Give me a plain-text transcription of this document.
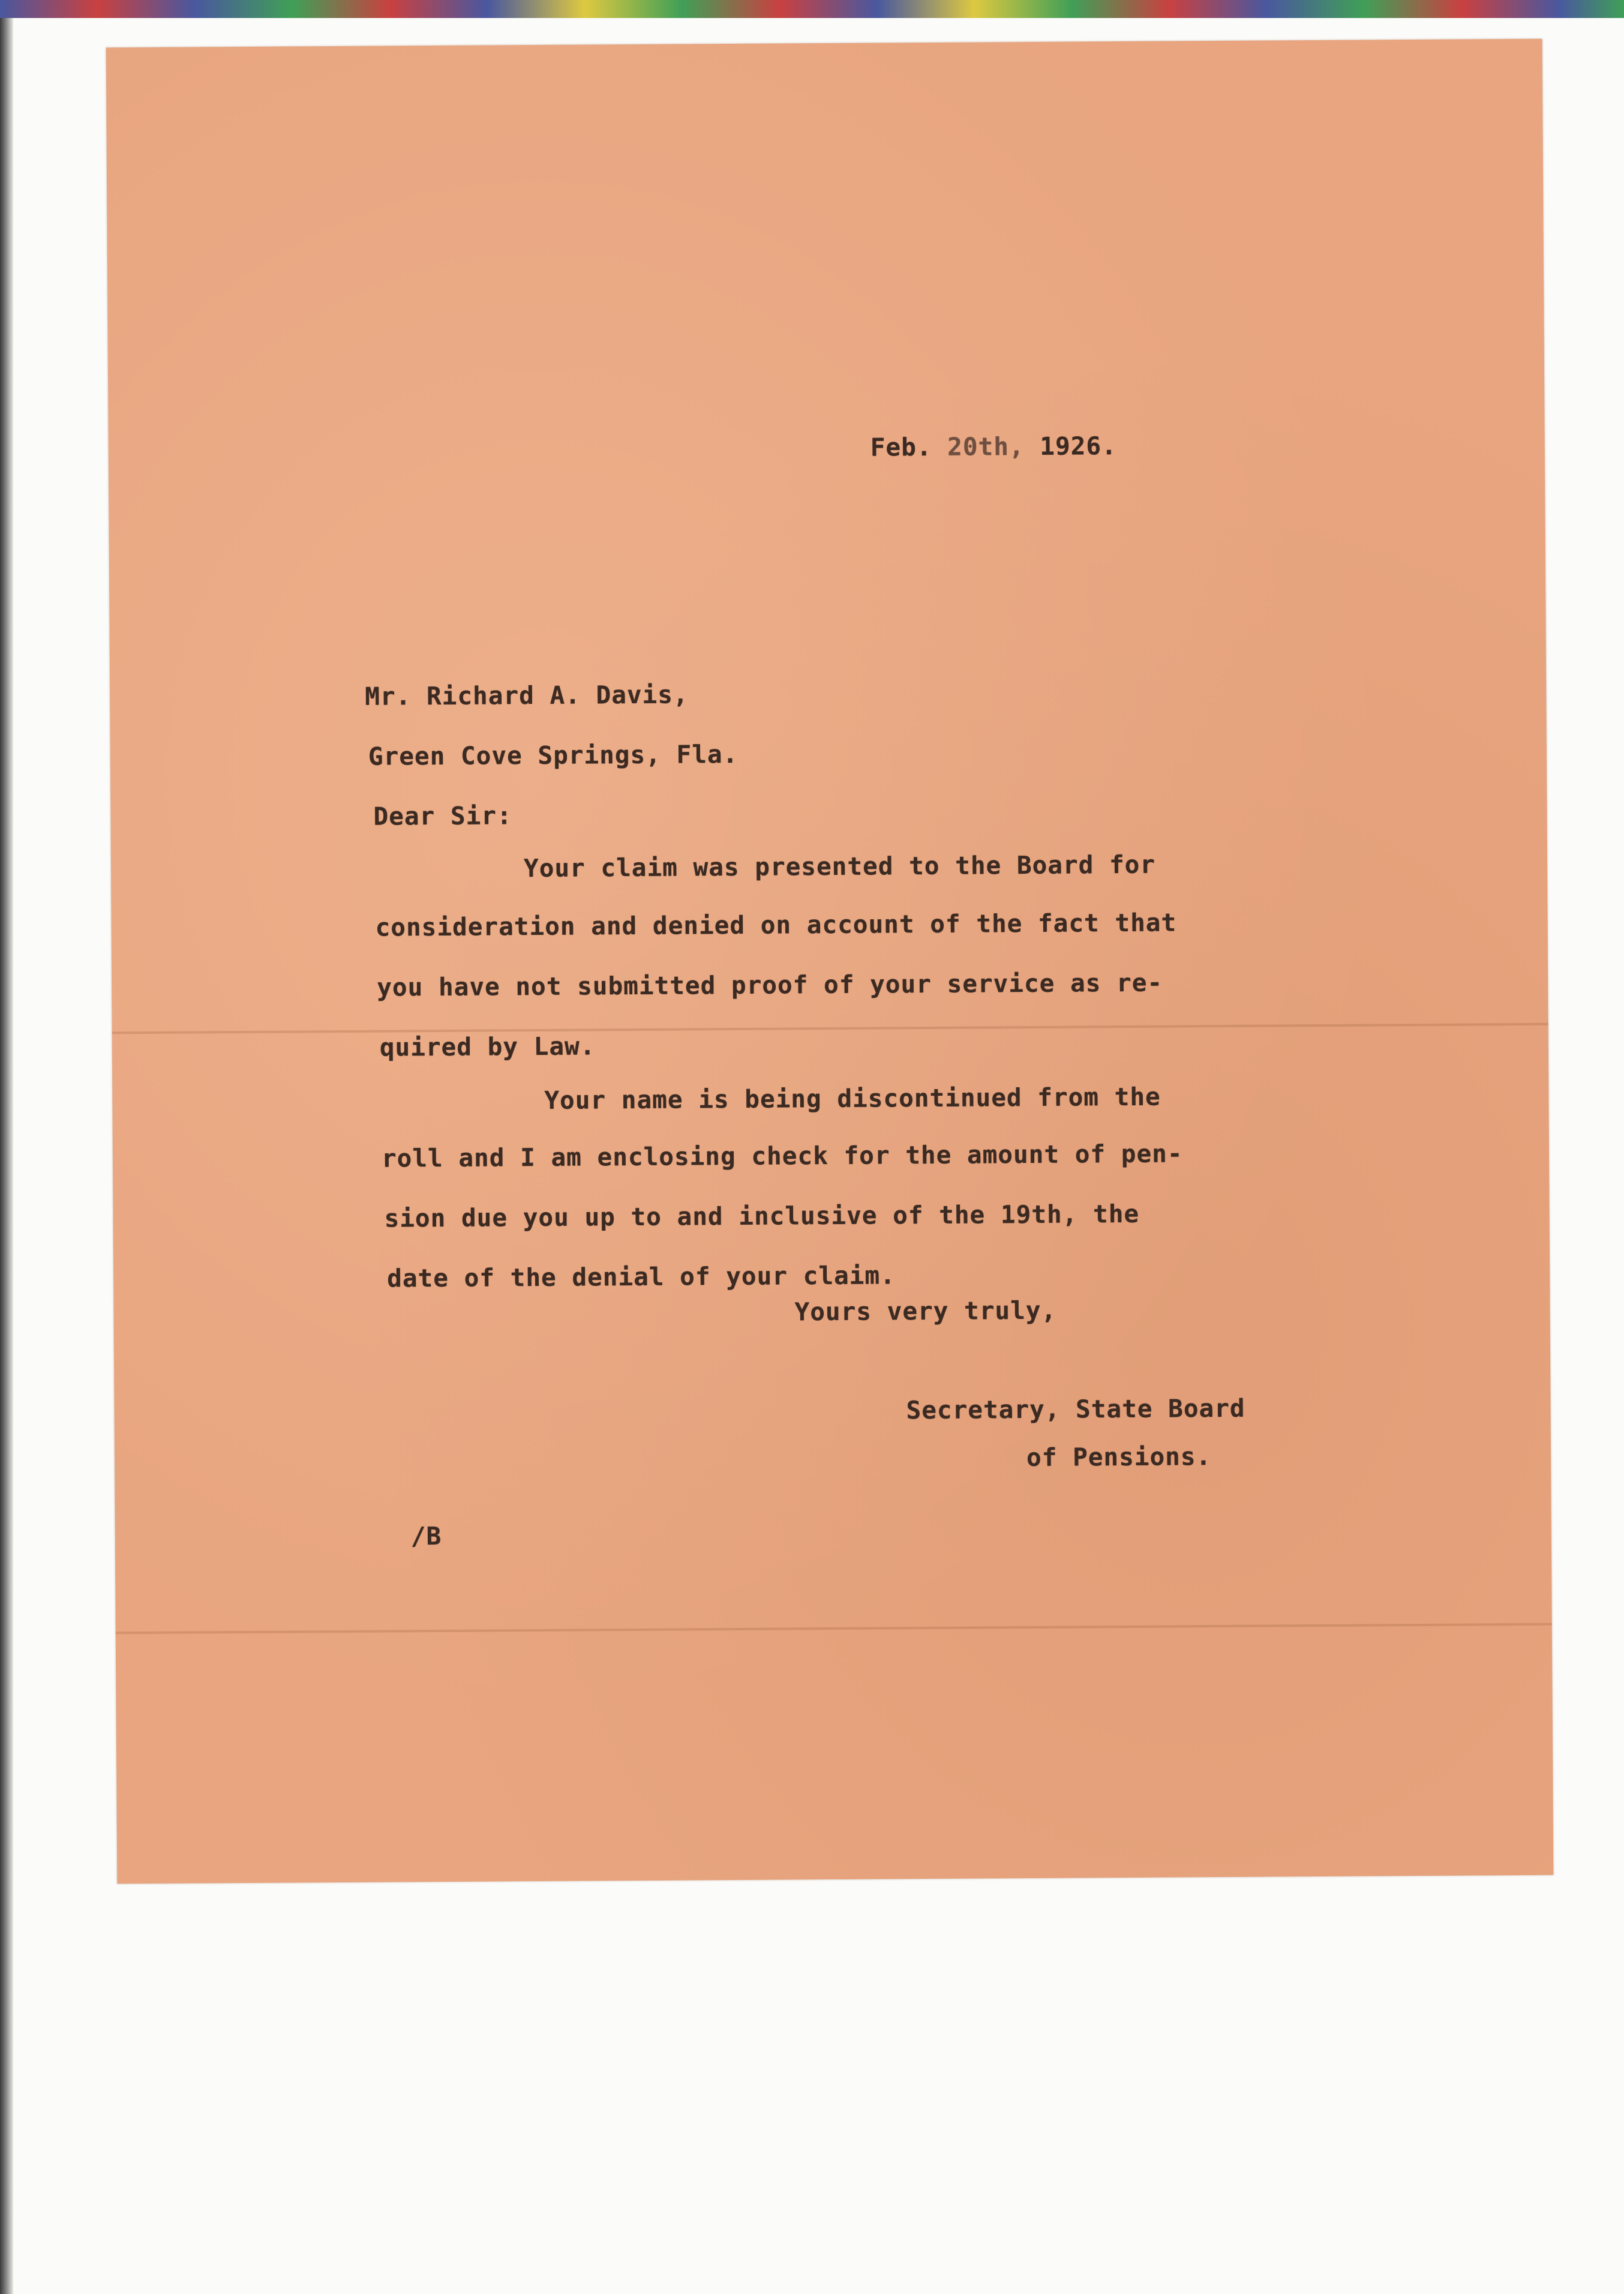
Feb. 20th, 1926.
Mr. Richard A. Davis,
Green Cove Springs, Fla.
Dear Sir:
Your claim was presented to the Board for
consideration and denied on account of the fact that
you have not submitted proof of your service as re-
quired by Law.
Your name is being discontinued from the
roll and I am enclosing check for the amount of pen-
sion due you up to and inclusive of the 19th, the
date of the denial of your claim.
Yours very truly,
Secretary, State Board
of Pensions.
/B
